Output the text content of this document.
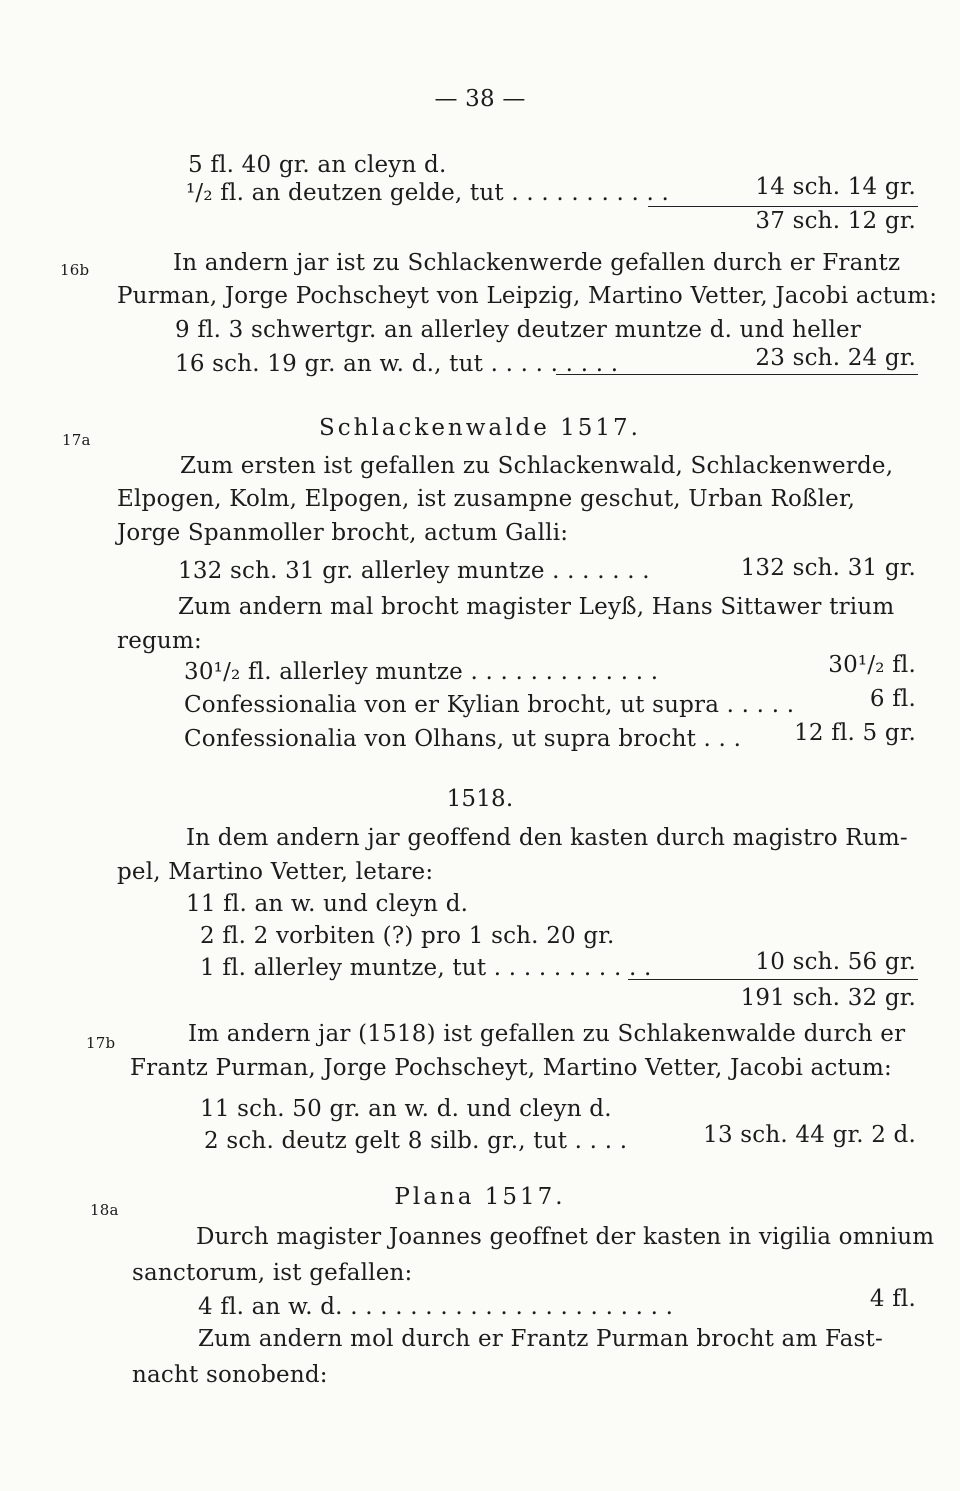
— 38 —
5 fl. 40 gr. an cleyn d.
¹/₂ fl. an deutzen gelde, tut . . . . . . . . . . .	14 sch. 14 gr.
37 sch. 12 gr.
16b	In andern jar ist zu Schlackenwerde gefallen durch er Frantz
Purman, Jorge Pochscheyt von Leipzig, Martino Vetter, Jacobi actum:
9 fl. 3 schwertgr. an allerley deutzer muntze d. und heller
16 sch. 19 gr. an w. d., tut . . . . . . . . .	23 sch. 24 gr.
17a	Schlackenwalde 1517.
Zum ersten ist gefallen zu Schlackenwald, Schlackenwerde,
Elpogen, Kolm, Elpogen, ist zusampne geschut, Urban Roßler,
Jorge Spanmoller brocht, actum Galli:
132 sch. 31 gr. allerley muntze . . . . . . .	132 sch. 31 gr.
Zum andern mal brocht magister Leyß, Hans Sittawer trium
regum:
30¹/₂ fl. allerley muntze . . . . . . . . . . . . .	30¹/₂ fl.
Confessionalia von er Kylian brocht, ut supra . . . . .	6 fl.
Confessionalia von Olhans, ut supra brocht . . . 12 fl. 5 gr.
1518.
In dem andern jar geoffend den kasten durch magistro Rum-
pel, Martino Vetter, letare:
11 fl. an w. und cleyn d.
2 fl. 2 vorbiten (?) pro 1 sch. 20 gr.
1 fl. allerley muntze, tut . . . . . . . . . . .	10 sch. 56 gr.
191 sch. 32 gr.
17b	Im andern jar (1518) ist gefallen zu Schlakenwalde durch er
Frantz Purman, Jorge Pochscheyt, Martino Vetter, Jacobi actum:
11 sch. 50 gr. an w. d. und cleyn d.
2 sch. deutz gelt 8 silb. gr., tut . . . .	13 sch. 44 gr. 2 d.
18a	Plana 1517.
Durch magister Joannes geoffnet der kasten in vigilia omnium
sanctorum, ist gefallen:
4 fl. an w. d. . . . . . . . . . . . . . . . . . . . . . .	4 fl.
Zum andern mol durch er Frantz Purman brocht am Fast-
nacht sonobend:
